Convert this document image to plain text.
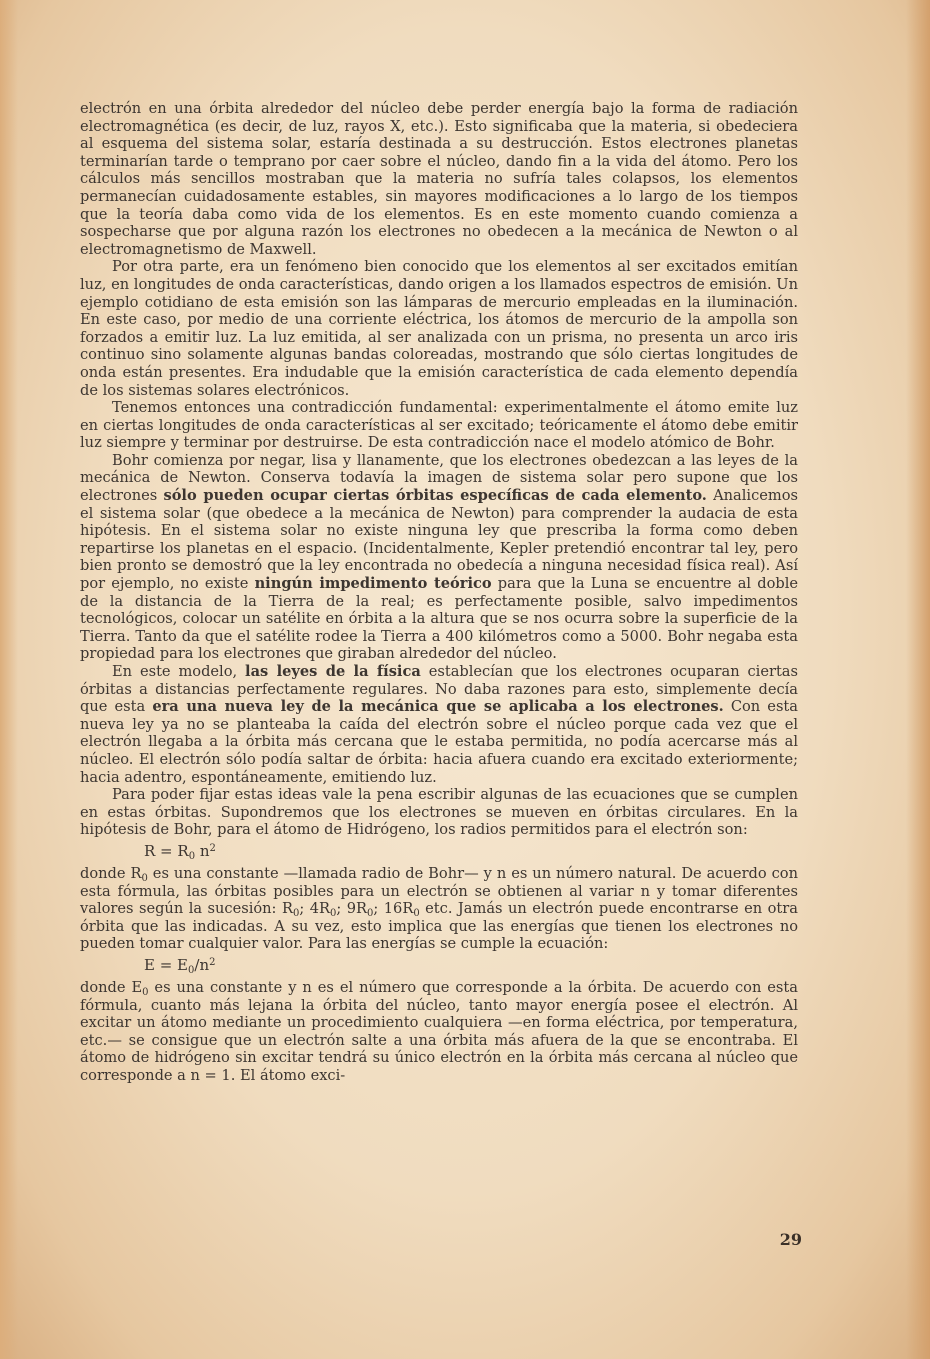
electrón en una órbita alrededor del núcleo debe perder energía bajo la forma de radiación electromagnética (es decir, de luz, rayos X, etc.). Esto significaba que la materia, si obedeciera al esquema del sistema solar, estaría destinada a su destrucción. Estos electrones planetas terminarían tarde o temprano por caer sobre el núcleo, dando fin a la vida del átomo. Pero los cálculos más sencillos mostraban que la materia no sufría tales colapsos, los elementos permanecían cuidadosamente estables, sin mayores modificaciones a lo largo de los tiempos que la teoría daba como vida de los elementos. Es en este momento cuando comienza a sospecharse que por alguna razón los electrones no obedecen a la mecánica de Newton o al electromagnetismo de Maxwell.

Por otra parte, era un fenómeno bien conocido que los elementos al ser excitados emitían luz, en longitudes de onda características, dando origen a los llamados espectros de emisión. Un ejemplo cotidiano de esta emisión son las lámparas de mercurio empleadas en la iluminación. En este caso, por medio de una corriente eléctrica, los átomos de mercurio de la ampolla son forzados a emitir luz. La luz emitida, al ser analizada con un prisma, no presenta un arco iris continuo sino solamente algunas bandas coloreadas, mostrando que sólo ciertas longitudes de onda están presentes. Era indudable que la emisión característica de cada elemento dependía de los sistemas solares electrónicos.

Tenemos entonces una contradicción fundamental: experimentalmente el átomo emite luz en ciertas longitudes de onda características al ser excitado; teóricamente el átomo debe emitir luz siempre y terminar por destruirse. De esta contradicción nace el modelo atómico de Bohr.

Bohr comienza por negar, lisa y llanamente, que los electrones obedezcan a las leyes de la mecánica de Newton. Conserva todavía la imagen de sistema solar pero supone que los electrones sólo pueden ocupar ciertas órbitas específicas de cada elemento. Analicemos el sistema solar (que obedece a la mecánica de Newton) para comprender la audacia de esta hipótesis. En el sistema solar no existe ninguna ley que prescriba la forma como deben repartirse los planetas en el espacio. (Incidentalmente, Kepler pretendió encontrar tal ley, pero bien pronto se demostró que la ley encontrada no obedecía a ninguna necesidad física real). Así por ejemplo, no existe ningún impedimento teórico para que la Luna se encuentre al doble de la distancia de la Tierra de la real; es perfectamente posible, salvo impedimentos tecnológicos, colocar un satélite en órbita a la altura que se nos ocurra sobre la superficie de la Tierra. Tanto da que el satélite rodee la Tierra a 400 kilómetros como a 5000. Bohr negaba esta propiedad para los electrones que giraban alrededor del núcleo.

En este modelo, las leyes de la física establecían que los electrones ocuparan ciertas órbitas a distancias perfectamente regulares. No daba razones para esto, simplemente decía que esta era una nueva ley de la mecánica que se aplicaba a los electrones. Con esta nueva ley ya no se planteaba la caída del electrón sobre el núcleo porque cada vez que el electrón llegaba a la órbita más cercana que le estaba permitida, no podía acercarse más al núcleo. El electrón sólo podía saltar de órbita: hacia afuera cuando era excitado exteriormente; hacia adentro, espontáneamente, emitiendo luz.

Para poder fijar estas ideas vale la pena escribir algunas de las ecuaciones que se cumplen en estas órbitas. Supondremos que los electrones se mueven en órbitas circulares. En la hipótesis de Bohr, para el átomo de Hidrógeno, los radios permitidos para el electrón son:

$R = R_0$ $n^2$

donde $R_0$ es una constante —llamada radio de Bohr— y n es un número natural. De acuerdo con esta fórmula, las órbitas posibles para un electrón se obtienen al variar n y tomar diferentes valores según la sucesión: $R_0$; $4R_0$; $9R_0$; $16R_0$ etc. Jamás un electrón puede encontrarse en otra órbita que las indicadas. A su vez, esto implica que las energías que tienen los electrones no pueden tomar cualquier valor. Para las energías se cumple la ecuación:

$E = E_0/n^2$

donde $E_0$ es una constante y n es el número que corresponde a la órbita. De acuerdo con esta fórmula, cuanto más lejana la órbita del núcleo, tanto mayor energía posee el electrón. Al excitar un átomo mediante un procedimiento cualquiera —en forma eléctrica, por temperatura, etc.— se consigue que un electrón salte a una órbita más afuera de la que se encontraba. El átomo de hidrógeno sin excitar tendrá su único electrón en la órbita más cercana al núcleo que corresponde a n = 1. El átomo exci-

29
